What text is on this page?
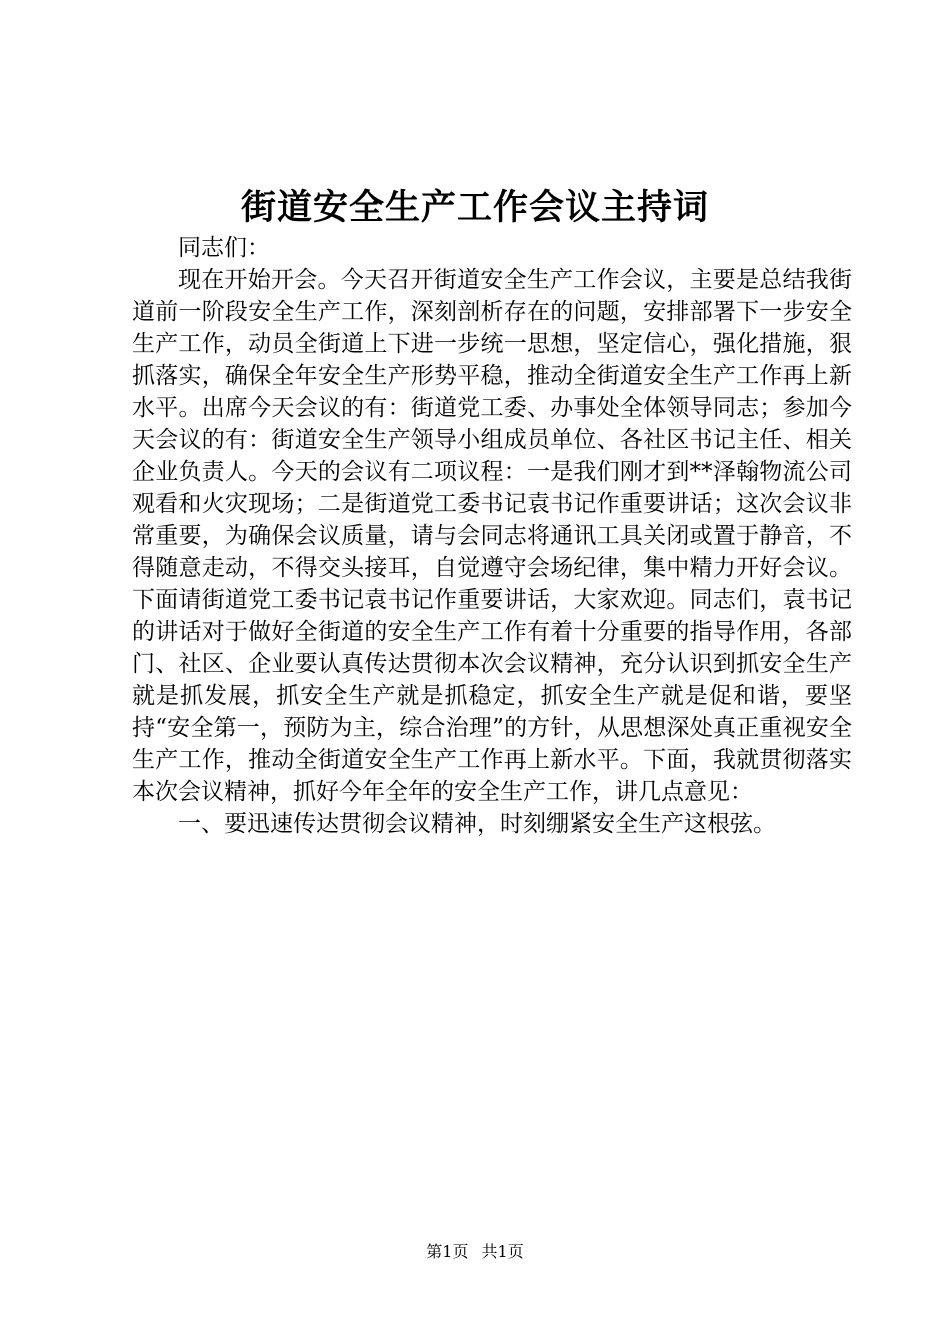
街道安全生产工作会议主持词

同志们：

现在开始开会。今天召开街道安全生产工作会议，主要是总结我街道前一阶段安全生产工作，深刻剖析存在的问题，安排部署下一步安全生产工作，动员全街道上下进一步统一思想，坚定信心，强化措施，狠抓落实，确保全年安全生产形势平稳，推动全街道安全生产工作再上新水平。出席今天会议的有：街道党工委、办事处全体领导同志；参加今天会议的有：街道安全生产领导小组成员单位、各社区书记主任、相关企业负责人。今天的会议有二项议程：一是我们刚才到**泽翰物流公司观看和火灾现场；二是街道党工委书记袁书记作重要讲话；这次会议非常重要，为确保会议质量，请与会同志将通讯工具关闭或置于静音，不得随意走动，不得交头接耳，自觉遵守会场纪律，集中精力开好会议。下面请街道党工委书记袁书记作重要讲话，大家欢迎。同志们，袁书记的讲话对于做好全街道的安全生产工作有着十分重要的指导作用，各部门、社区、企业要认真传达贯彻本次会议精神，充分认识到抓安全生产就是抓发展，抓安全生产就是抓稳定，抓安全生产就是促和谐，要坚持“安全第一，预防为主，综合治理”的方针，从思想深处真正重视安全生产工作，推动全街道安全生产工作再上新水平。下面，我就贯彻落实本次会议精神，抓好今年全年的安全生产工作，讲几点意见：

一、要迅速传达贯彻会议精神，时刻绷紧安全生产这根弦。

第1页 共1页
